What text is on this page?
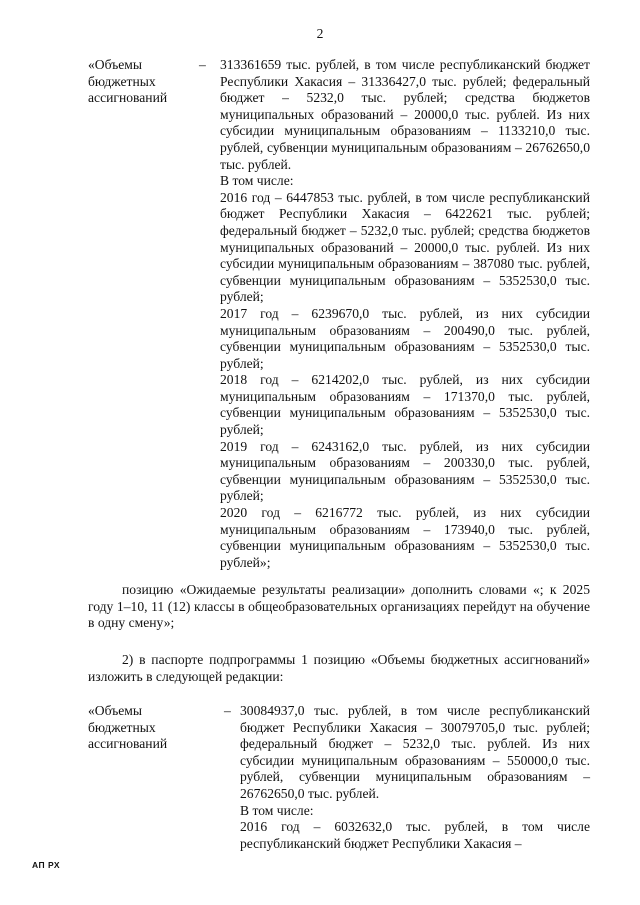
2
«Объемы бюджетных ассигнований
– 313361659 тыс. рублей, в том числе республиканский бюджет Республики Хакасия – 31336427,0 тыс. рублей; федеральный бюджет – 5232,0 тыс. рублей; средства бюджетов муниципальных образований – 20000,0 тыс. рублей. Из них субсидии муниципальным образованиям – 1133210,0 тыс. рублей, субвенции муниципальным образованиям – 26762650,0 тыс. рублей.

В том числе:

2016 год – 6447853 тыс. рублей, в том числе республиканский бюджет Республики Хакасия – 6422621 тыс. рублей; федеральный бюджет – 5232,0 тыс. рублей; средства бюджетов муниципальных образований – 20000,0 тыс. рублей. Из них субсидии муниципальным образованиям – 387080 тыс. рублей, субвенции муниципальным образованиям – 5352530,0 тыс. рублей;

2017 год – 6239670,0 тыс. рублей, из них субсидии муниципальным образованиям – 200490,0 тыс. рублей, субвенции муниципальным образованиям – 5352530,0 тыс. рублей;

2018 год – 6214202,0 тыс. рублей, из них субсидии муниципальным образованиям – 171370,0 тыс. рублей, субвенции муниципальным образованиям – 5352530,0 тыс. рублей;

2019 год – 6243162,0 тыс. рублей, из них субсидии муниципальным образованиям – 200330,0 тыс. рублей, субвенции муниципальным образованиям – 5352530,0 тыс. рублей;

2020 год – 6216772 тыс. рублей, из них субсидии муниципальным образованиям – 173940,0 тыс. рублей, субвенции муниципальным образованиям – 5352530,0 тыс. рублей»;

позицию «Ожидаемые результаты реализации» дополнить словами «; к 2025 году 1–10, 11 (12) классы в общеобразовательных организациях перейдут на обучение в одну смену»;

2) в паспорте подпрограммы 1 позицию «Объемы бюджетных ассигнований» изложить в следующей редакции:

«Объемы бюджетных ассигнований
– 30084937,0 тыс. рублей, в том числе республиканский бюджет Республики Хакасия – 30079705,0 тыс. рублей; федеральный бюджет – 5232,0 тыс. рублей. Из них субсидии муниципальным образованиям – 550000,0 тыс. рублей, субвенции муниципальным образованиям – 26762650,0 тыс. рублей.

В том числе:

2016 год – 6032632,0 тыс. рублей, в том числе республиканский бюджет Республики Хакасия –

АП РХ
